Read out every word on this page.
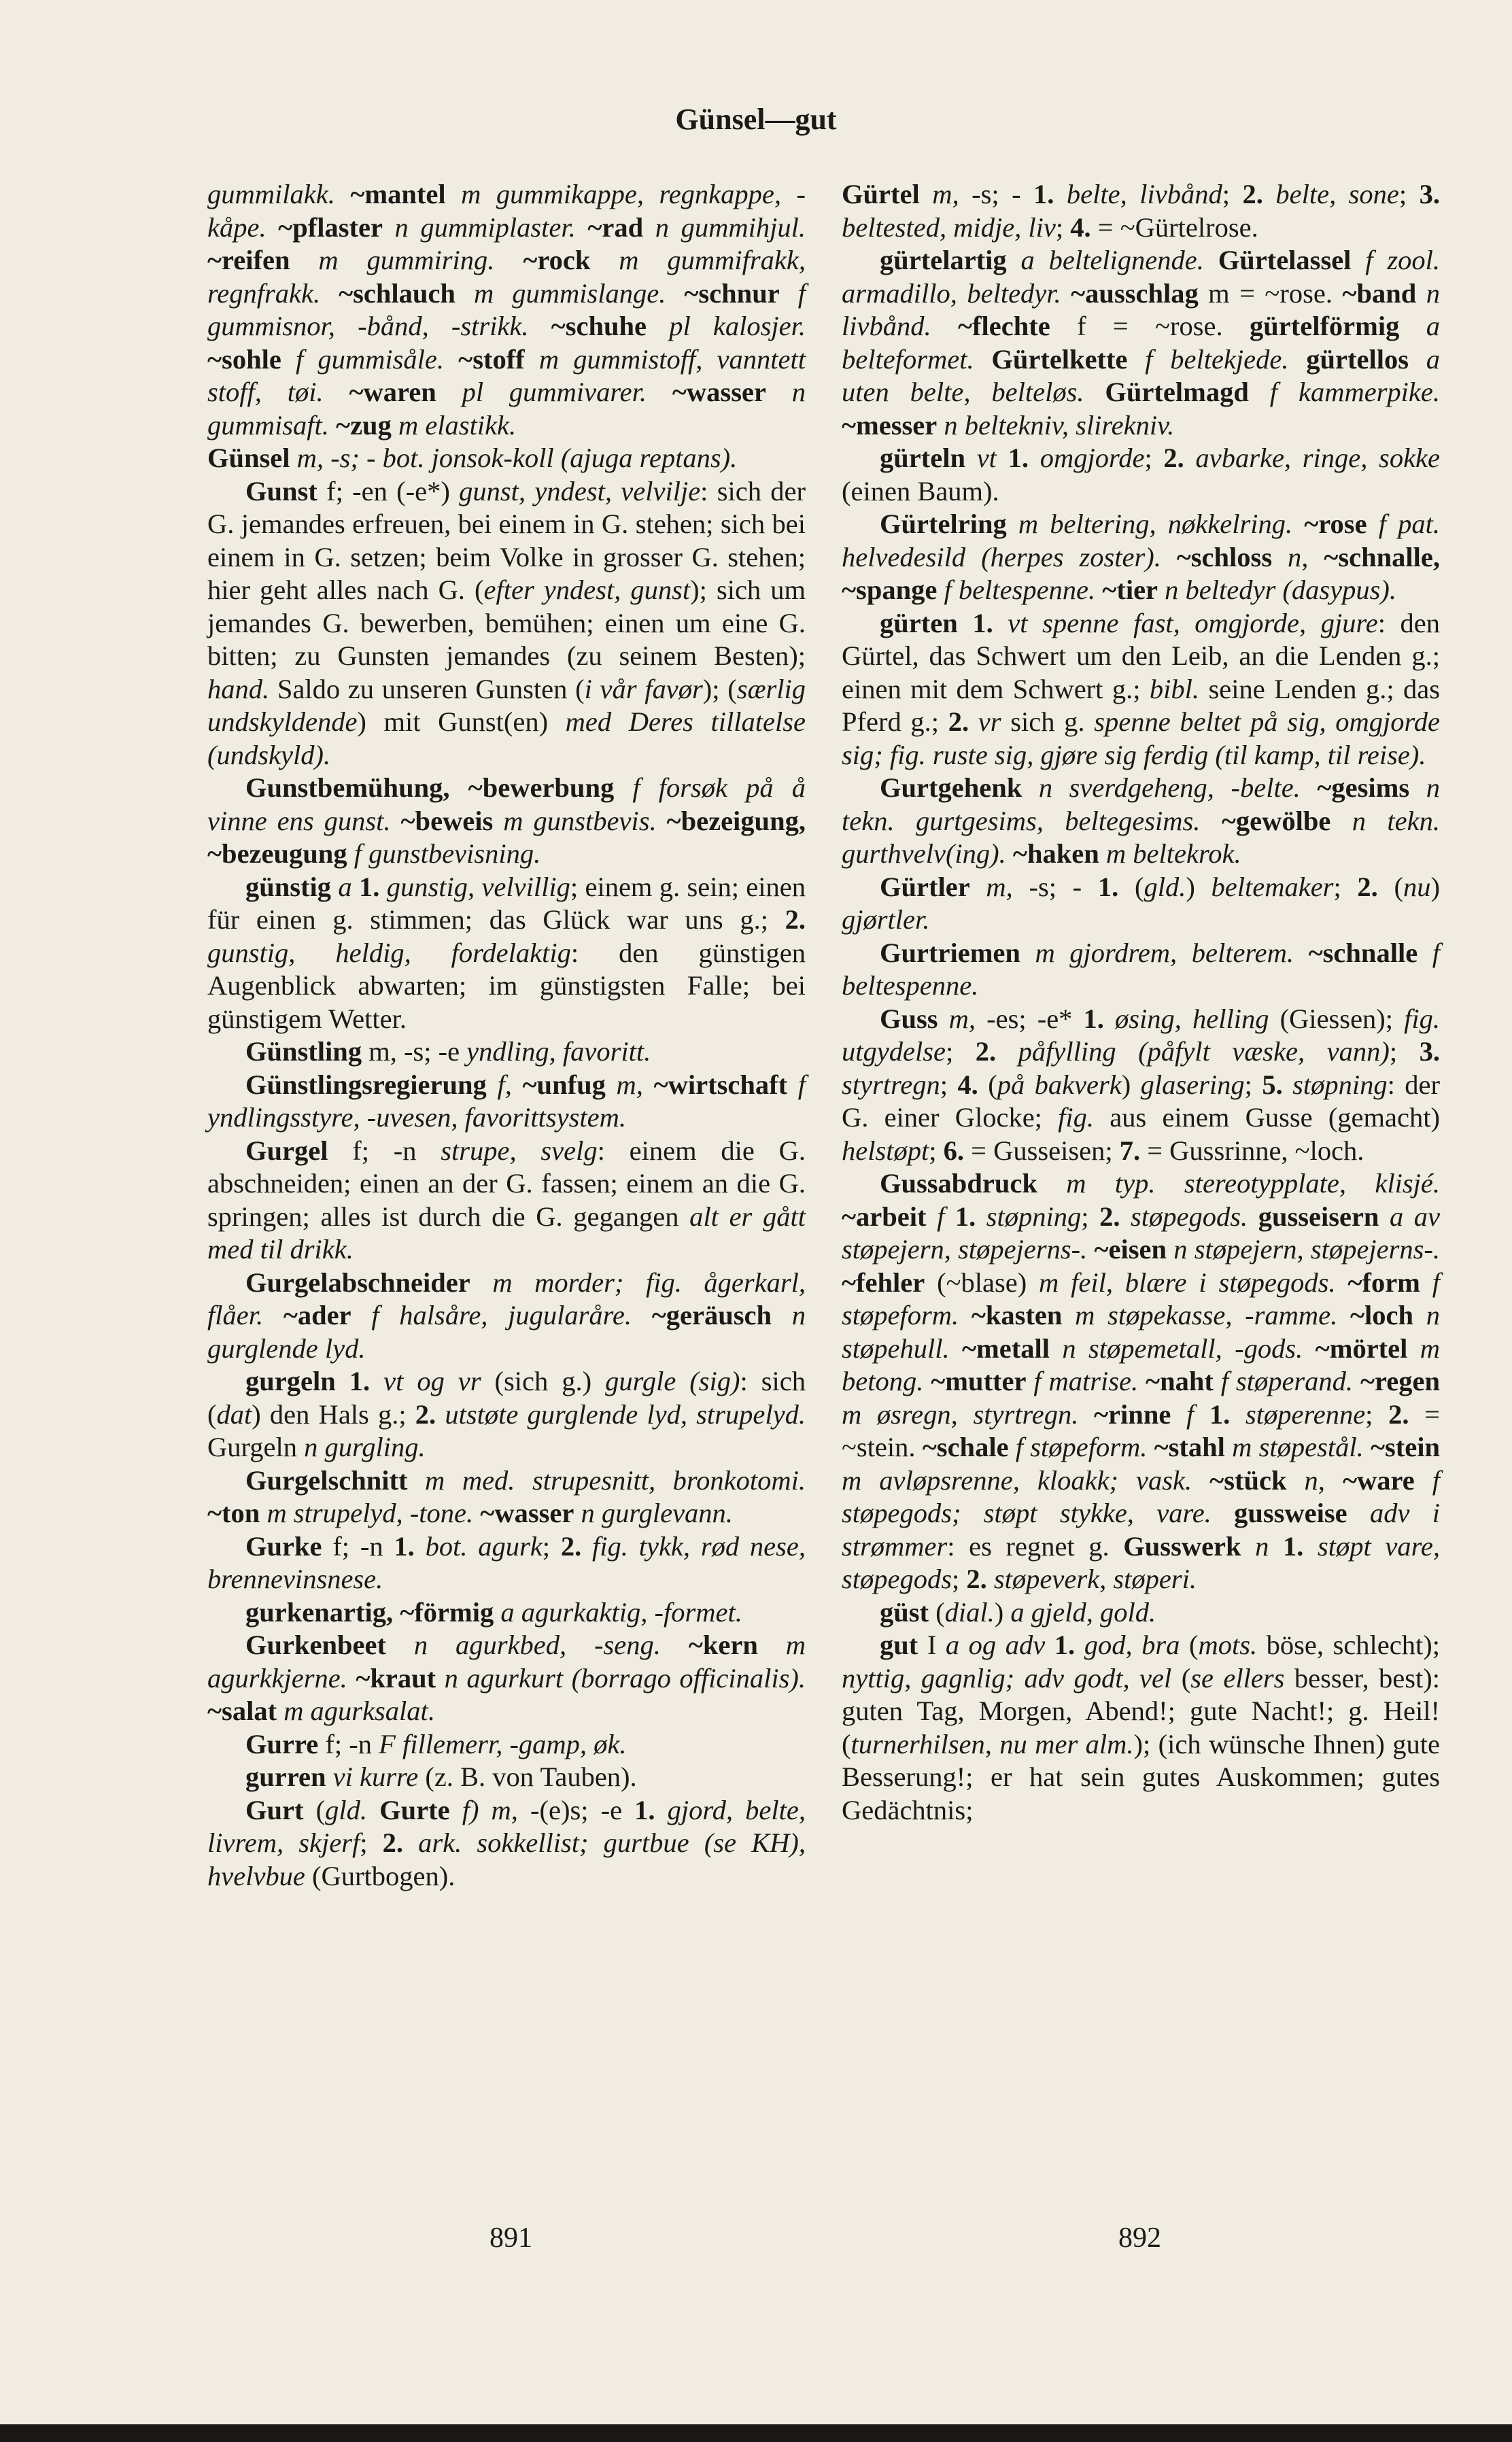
Günsel—gut

gummilakk. ~mantel m gummikappe, regnkappe, -kåpe. ~pflaster n gummiplaster. ~rad n gummihjul. ~reifen m gummiring. ~rock m gummifrakk, regnfrakk. ~schlauch m gummislange. ~schnur f gummisnor, -bånd, -strikk. ~schuhe pl kalosjer. ~sohle f gummisåle. ~stoff m gummistoff, vanntett stoff, tøi. ~waren pl gummivarer. ~wasser n gummisaft. ~zug m elastikk.

Günsel m, -s; - bot. jonsok-koll (ajuga reptans).

Gunst f; -en (-e*) gunst, yndest, velvilje: sich der G. jemandes erfreuen, bei einem in G. stehen; sich bei einem in G. setzen; beim Volke in grosser G. stehen; hier geht alles nach G. (efter yndest, gunst); sich um jemandes G. bewerben, bemühen; einen um eine G. bitten; zu Gunsten jemandes (zu seinem Besten); hand. Saldo zu unseren Gunsten (i vår favør); (særlig undskyldende) mit Gunst(en) med Deres tillatelse (undskyld).

Gunstbemühung, ~bewerbung f forsøk på å vinne ens gunst. ~beweis m gunstbevis. ~bezeigung, ~bezeugung f gunstbevisning.

günstig a 1. gunstig, velvillig; einem g. sein; einen für einen g. stimmen; das Glück war uns g.; 2. gunstig, heldig, fordelaktig: den günstigen Augenblick abwarten; im günstigsten Falle; bei günstigem Wetter.

Günstling m, -s; -e yndling, favoritt.

Günstlingsregierung f, ~unfug m, ~wirtschaft f yndlingsstyre, -uvesen, favorittsystem.

Gurgel f; -n strupe, svelg: einem die G. abschneiden; einen an der G. fassen; einem an die G. springen; alles ist durch die G. gegangen alt er gått med til drikk.

Gurgelabschneider m morder; fig. ågerkarl, flåer. ~ader f halsåre, jugularåre. ~geräusch n gurglende lyd.

gurgeln 1. vt og vr (sich g.) gurgle (sig): sich (dat) den Hals g.; 2. utstøte gurglende lyd, strupelyd. Gurgeln n gurgling.

Gurgelschnitt m med. strupesnitt, bronkotomi. ~ton m strupelyd, -tone. ~wasser n gurglevann.

Gurke f; -n 1. bot. agurk; 2. fig. tykk, rød nese, brennevinsnese.

gurkenartig, ~förmig a agurkaktig, -formet.

Gurkenbeet n agurkbed, -seng. ~kern m agurkkjerne. ~kraut n agurkurt (borrago officinalis). ~salat m agurksalat.

Gurre f; -n F fillemerr, -gamp, øk.

gurren vi kurre (z. B. von Tauben).

Gurt (gld. Gurte f) m, -(e)s; -e 1. gjord, belte, livrem, skjerf; 2. ark. sokkellist; gurtbue (se KH), hvelvbue (Gurtbogen).

Gürtel m, -s; - 1. belte, livbånd; 2. belte, sone; 3. beltested, midje, liv; 4. = ~Gürtelrose.

gürtelartig a beltelignende. Gürtelassel f zool. armadillo, beltedyr. ~ausschlag m = ~rose. ~band n livbånd. ~flechte f = ~rose. gürtelförmig a belteformet. Gürtelkette f beltekjede. gürtellos a uten belte, belteløs. Gürtelmagd f kammerpike. ~messer n beltekniv, slirekniv.

gürteln vt 1. omgjorde; 2. avbarke, ringe, sokke (einen Baum).

Gürtelring m beltering, nøkkelring. ~rose f pat. helvedesild (herpes zoster). ~schloss n, ~schnalle, ~spange f beltespenne. ~tier n beltedyr (dasypus).

gürten 1. vt spenne fast, omgjorde, gjure: den Gürtel, das Schwert um den Leib, an die Lenden g.; einen mit dem Schwert g.; bibl. seine Lenden g.; das Pferd g.; 2. vr sich g. spenne beltet på sig, omgjorde sig; fig. ruste sig, gjøre sig ferdig (til kamp, til reise).

Gurtgehenk n sverdgeheng, -belte. ~gesims n tekn. gurtgesims, beltegesims. ~gewölbe n tekn. gurthvelv(ing). ~haken m beltekrok.

Gürtler m, -s; - 1. (gld.) beltemaker; 2. (nu) gjørtler.

Gurtriemen m gjordrem, belterem. ~schnalle f beltespenne.

Guss m, -es; -e* 1. øsing, helling (Giessen); fig. utgydelse; 2. påfylling (påfylt væske, vann); 3. styrtregn; 4. (på bakverk) glasering; 5. støpning: der G. einer Glocke; fig. aus einem Gusse (gemacht) helstøpt; 6. = Gusseisen; 7. = Gussrinne, ~loch.

Gussabdruck m typ. stereotypplate, klisjé. ~arbeit f 1. støpning; 2. støpegods. gusseisern a av støpejern, støpejerns-. ~eisen n støpejern, støpejerns-. ~fehler (~blase) m feil, blære i støpegods. ~form f støpeform. ~kasten m støpekasse, -ramme. ~loch n støpehull. ~metall n støpemetall, -gods. ~mörtel m betong. ~mutter f matrise. ~naht f støperand. ~regen m øsregn, styrtregn. ~rinne f 1. støperenne; 2. = ~stein. ~schale f støpeform. ~stahl m støpestål. ~stein m avløpsrenne, kloakk; vask. ~stück n, ~ware f støpegods; støpt stykke, vare. gussweise adv i strømmer: es regnet g. Gusswerk n 1. støpt vare, støpegods; 2. støpeverk, støperi.

güst (dial.) a gjeld, gold.

gut I a og adv 1. god, bra (mots. böse, schlecht); nyttig, gagnlig; adv godt, vel (se ellers besser, best): guten Tag, Morgen, Abend!; gute Nacht!; g. Heil! (turnerhilsen, nu mer alm.); (ich wünsche Ihnen) gute Besserung!; er hat sein gutes Auskommen; gutes Gedächtnis;

891	892
